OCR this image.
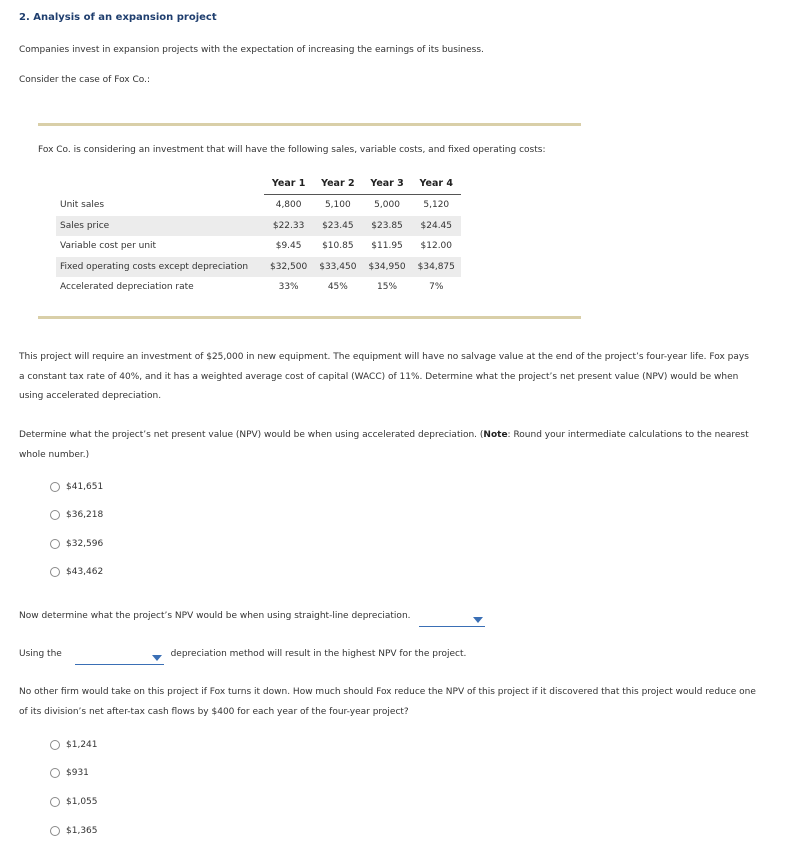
2. Analysis of an expansion project
Companies invest in expansion projects with the expectation of increasing the earnings of its business.
Consider the case of Fox Co.:
Fox Co. is considering an investment that will have the following sales, variable costs, and fixed operating costs:
	Year 1	Year 2	Year 3	Year 4
Unit sales	4,800	5,100	5,000	5,120
Sales price	$22.33	$23.45	$23.85	$24.45
Variable cost per unit	$9.45	$10.85	$11.95	$12.00
Fixed operating costs except depreciation	$32,500	$33,450	$34,950	$34,875
Accelerated depreciation rate	33%	45%	15%	7%
This project will require an investment of $25,000 in new equipment. The equipment will have no salvage value at the end of the project’s four-year life. Fox pays a constant tax rate of 40%, and it has a weighted average cost of capital (WACC) of 11%. Determine what the project’s net present value (NPV) would be when using accelerated depreciation.
Determine what the project’s net present value (NPV) would be when using accelerated depreciation. (Note: Round your intermediate calculations to the nearest whole number.)
$41,651
$36,218
$32,596
$43,462
Now determine what the project’s NPV would be when using straight-line depreciation.
Using the	depreciation method will result in the highest NPV for the project.
No other firm would take on this project if Fox turns it down. How much should Fox reduce the NPV of this project if it discovered that this project would reduce one of its division’s net after-tax cash flows by $400 for each year of the four-year project?
$1,241
$931
$1,055
$1,365
